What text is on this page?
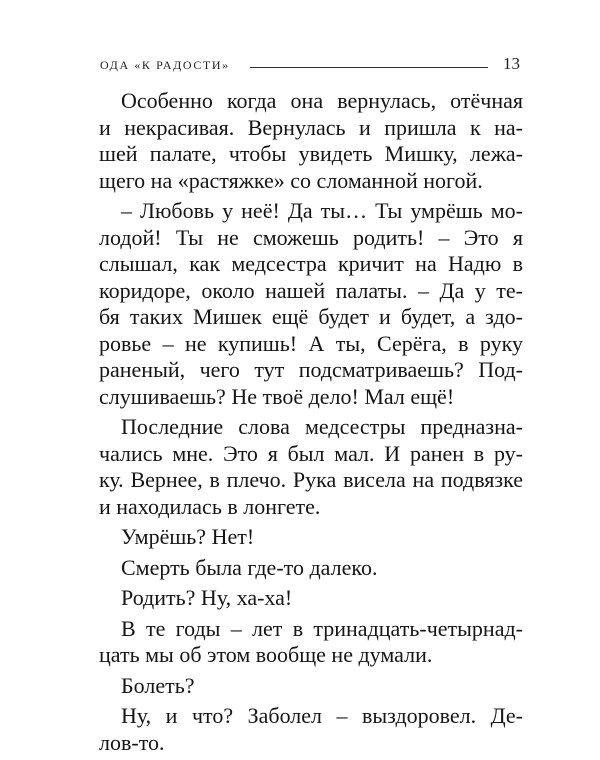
ОДА «К РАДОСТИ»	13

Особенно когда она вернулась, отёчная
и некрасивая. Вернулась и пришла к на-
шей палате, чтобы увидеть Мишку, лежа-
щего на «растяжке» со сломанной ногой.

– Любовь у неё! Да ты… Ты умрёшь мо-
лодой! Ты не сможешь родить! – Это я
слышал, как медсестра кричит на Надю в
коридоре, около нашей палаты. – Да у те-
бя таких Мишек ещё будет и будет, а здо-
ровье – не купишь! А ты, Серёга, в руку
раненый, чего тут подсматриваешь? Под-
слушиваешь? Не твоё дело! Мал ещё!

Последние слова медсестры предназна-
чались мне. Это я был мал. И ранен в ру-
ку. Вернее, в плечо. Рука висела на подвязке
и находилась в лонгете.

Умрёшь? Нет!

Смерть была где-то далеко.

Родить? Ну, ха-ха!

В те годы – лет в тринадцать-четырнад-
цать мы об этом вообще не думали.

Болеть?

Ну, и что? Заболел – выздоровел. Де-
лов-то.
